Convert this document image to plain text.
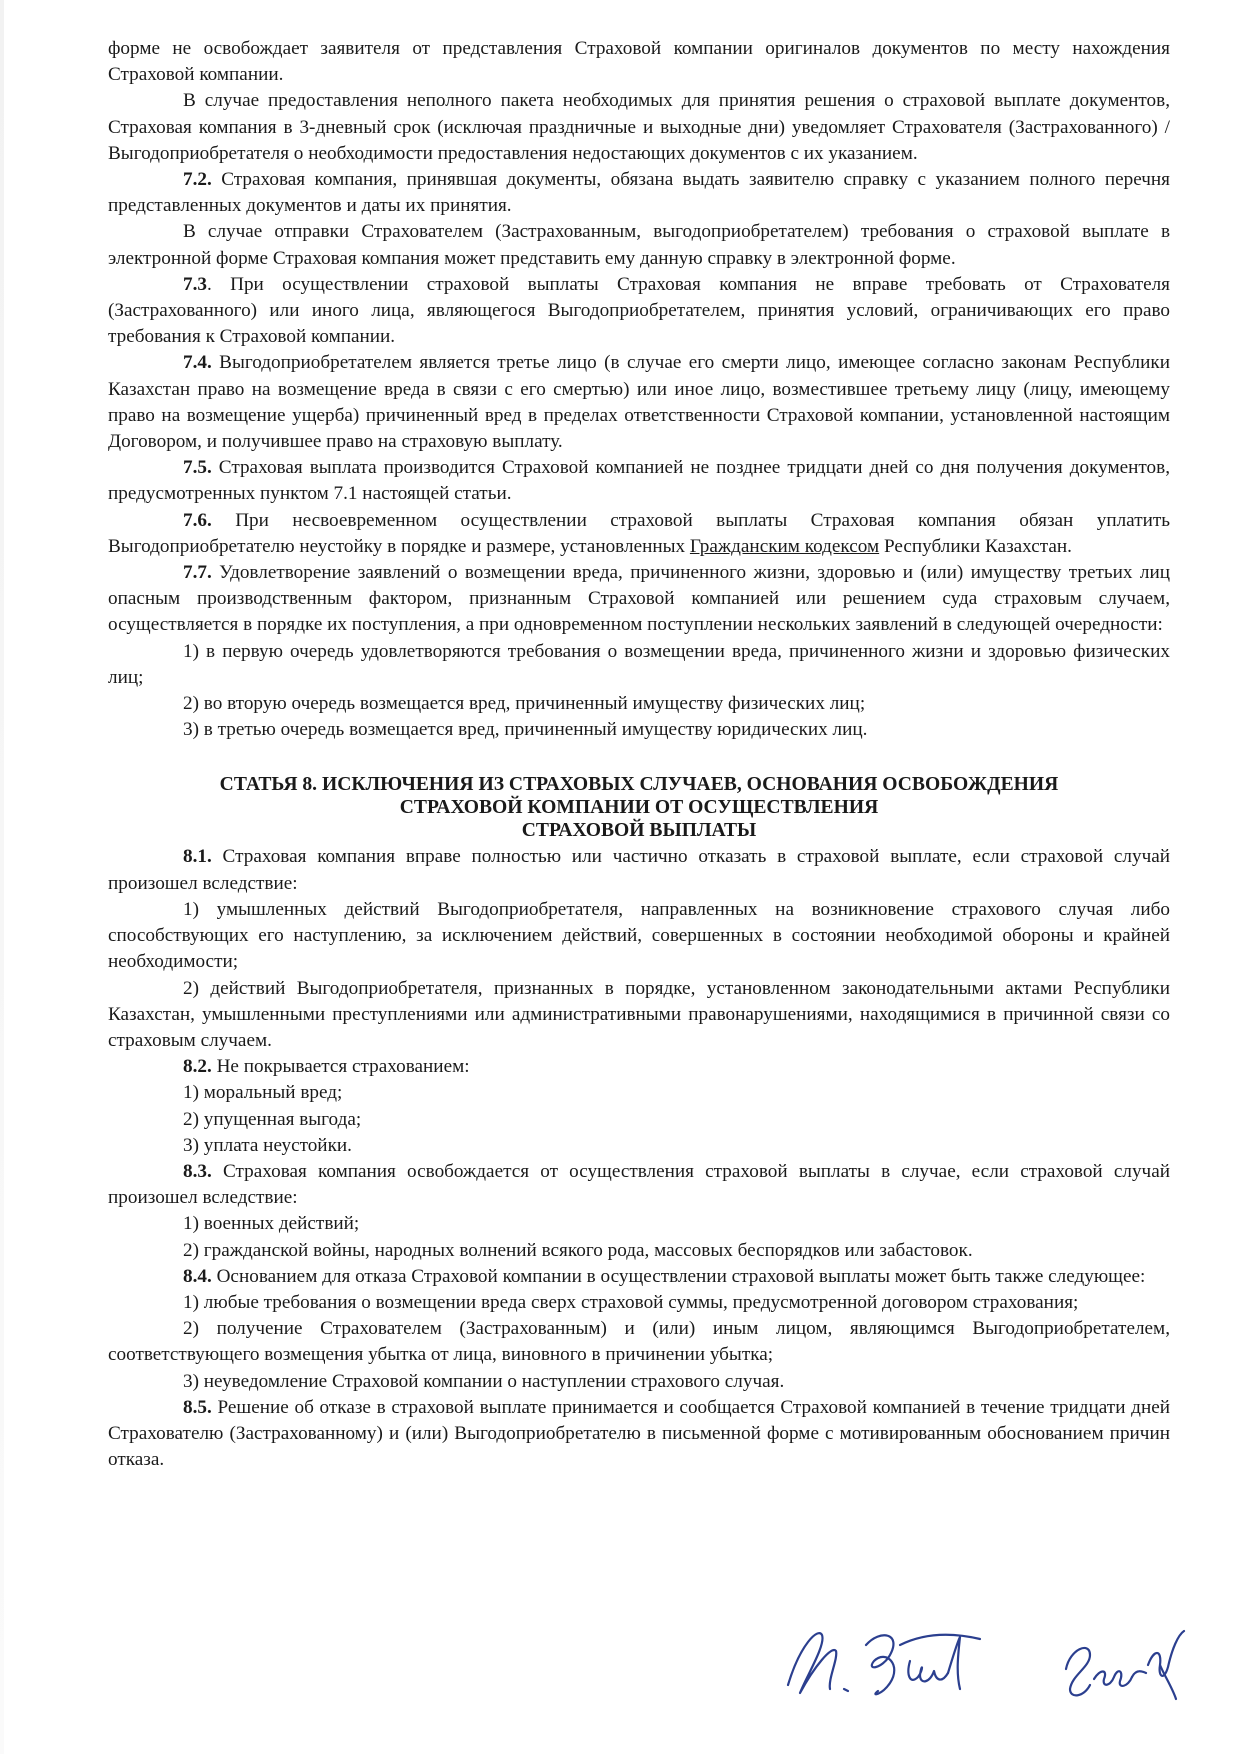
форме не освобождает заявителя от представления Страховой компании оригиналов документов по месту нахождения Страховой компании.

В случае предоставления неполного пакета необходимых для принятия решения о страховой выплате документов, Страховая компания в 3-дневный срок (исключая праздничные и выходные дни) уведомляет Страхователя (Застрахованного) / Выгодоприобретателя о необходимости предоставления недостающих документов с их указанием.

7.2. Страховая компания, принявшая документы, обязана выдать заявителю справку с указанием полного перечня представленных документов и даты их принятия.

В случае отправки Страхователем (Застрахованным, выгодоприобретателем) требования о страховой выплате в электронной форме Страховая компания может представить ему данную справку в электронной форме.

7.3. При осуществлении страховой выплаты Страховая компания не вправе требовать от Страхователя (Застрахованного) или иного лица, являющегося Выгодоприобретателем, принятия условий, ограничивающих его право требования к Страховой компании.

7.4. Выгодоприобретателем является третье лицо (в случае его смерти лицо, имеющее согласно законам Республики Казахстан право на возмещение вреда в связи с его смертью) или иное лицо, возместившее третьему лицу (лицу, имеющему право на возмещение ущерба) причиненный вред в пределах ответственности Страховой компании, установленной настоящим Договором, и получившее право на страховую выплату.

7.5. Страховая выплата производится Страховой компанией не позднее тридцати дней со дня получения документов, предусмотренных пунктом 7.1 настоящей статьи.

7.6. При несвоевременном осуществлении страховой выплаты Страховая компания обязан уплатить Выгодоприобретателю неустойку в порядке и размере, установленных Гражданским кодексом Республики Казахстан.

7.7. Удовлетворение заявлений о возмещении вреда, причиненного жизни, здоровью и (или) имуществу третьих лиц опасным производственным фактором, признанным Страховой компанией или решением суда страховым случаем, осуществляется в порядке их поступления, а при одновременном поступлении нескольких заявлений в следующей очередности:

1) в первую очередь удовлетворяются требования о возмещении вреда, причиненного жизни и здоровью физических лиц;

2) во вторую очередь возмещается вред, причиненный имуществу физических лиц;

3) в третью очередь возмещается вред, причиненный имуществу юридических лиц.

СТАТЬЯ 8. ИСКЛЮЧЕНИЯ ИЗ СТРАХОВЫХ СЛУЧАЕВ, ОСНОВАНИЯ ОСВОБОЖДЕНИЯ
СТРАХОВОЙ КОМПАНИИ ОТ ОСУЩЕСТВЛЕНИЯ
СТРАХОВОЙ ВЫПЛАТЫ

8.1. Страховая компания вправе полностью или частично отказать в страховой выплате, если страховой случай произошел вследствие:

1) умышленных действий Выгодоприобретателя, направленных на возникновение страхового случая либо способствующих его наступлению, за исключением действий, совершенных в состоянии необходимой обороны и крайней необходимости;

2) действий Выгодоприобретателя, признанных в порядке, установленном законодательными актами Республики Казахстан, умышленными преступлениями или административными правонарушениями, находящимися в причинной связи со страховым случаем.

8.2. Не покрывается страхованием:

1) моральный вред;

2) упущенная выгода;

3) уплата неустойки.

8.3. Страховая компания освобождается от осуществления страховой выплаты в случае, если страховой случай произошел вследствие:

1) военных действий;

2) гражданской войны, народных волнений всякого рода, массовых беспорядков или забастовок.

8.4. Основанием для отказа Страховой компании в осуществлении страховой выплаты может быть также следующее:

1) любые требования о возмещении вреда сверх страховой суммы, предусмотренной договором страхования;

2) получение Страхователем (Застрахованным) и (или) иным лицом, являющимся Выгодоприобретателем, соответствующего возмещения убытка от лица, виновного в причинении убытка;

3) неуведомление Страховой компании о наступлении страхового случая.

8.5. Решение об отказе в страховой выплате принимается и сообщается Страховой компанией в течение тридцати дней Страхователю (Застрахованному) и (или) Выгодоприобретателю в письменной форме с мотивированным обоснованием причин отказа.
